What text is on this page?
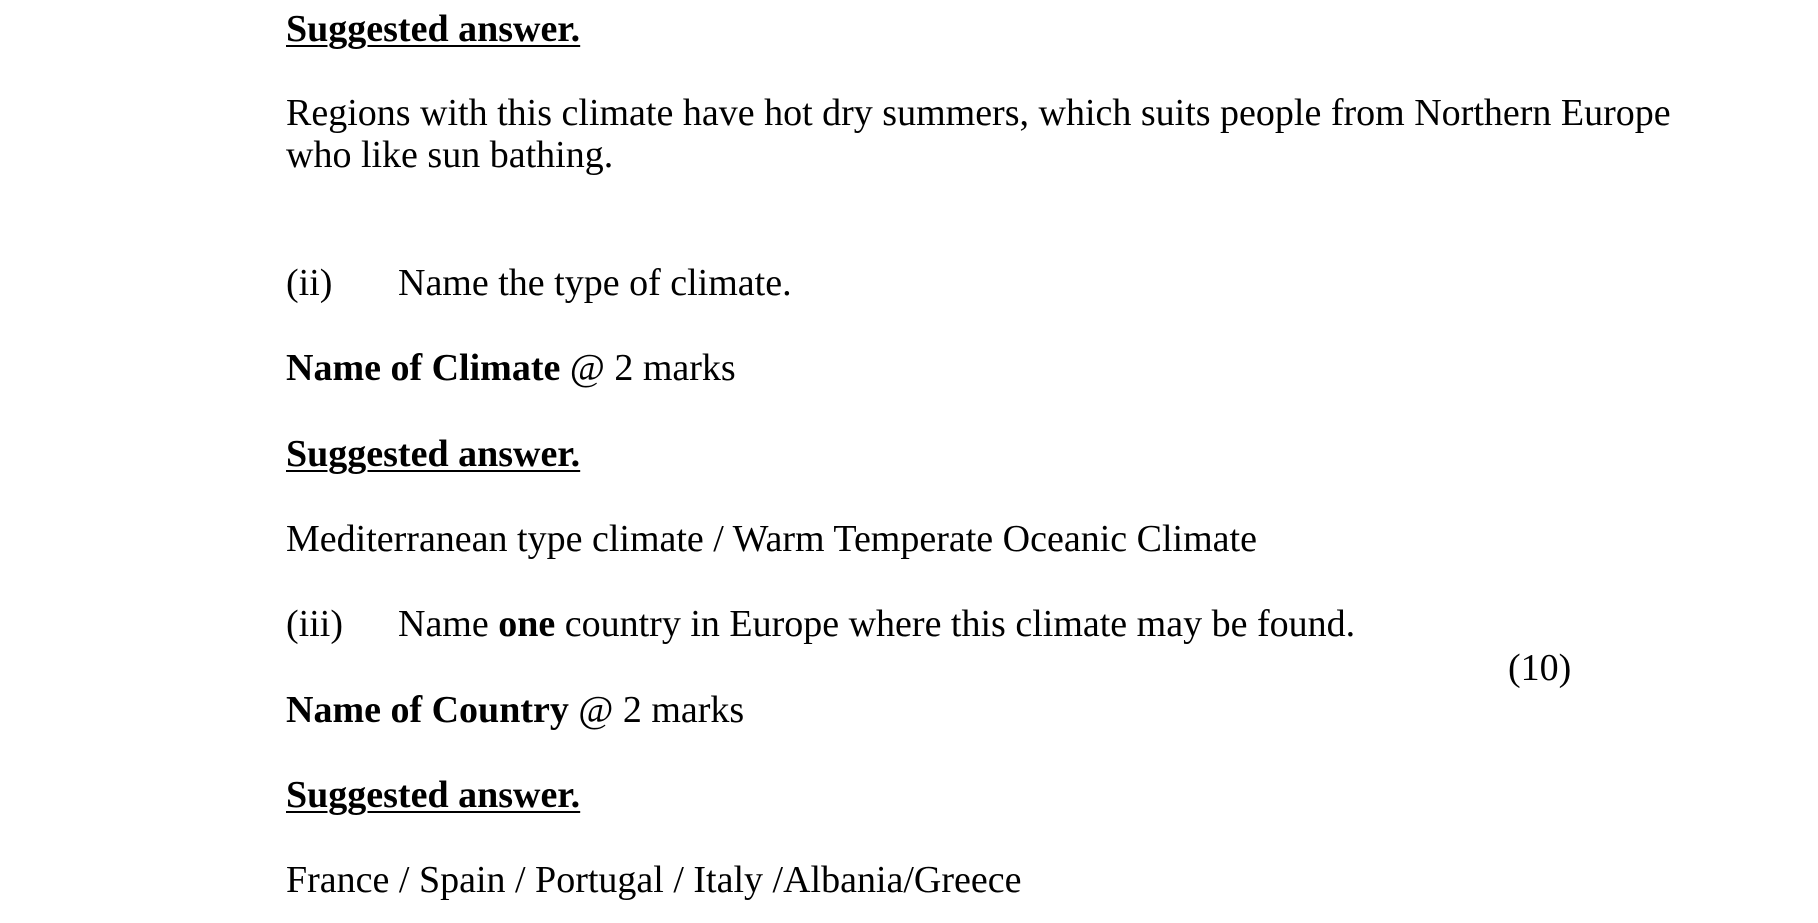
Suggested answer.
Regions with this climate have hot dry summers, which suits people from Northern Europe
who like sun bathing.
(ii) Name the type of climate.
Name of Climate @ 2 marks
Suggested answer.
Mediterranean type climate / Warm Temperate Oceanic Climate
(iii) Name one country in Europe where this climate may be found.
(10)
Name of Country @ 2 marks
Suggested answer.
France / Spain / Portugal / Italy /Albania/Greece
